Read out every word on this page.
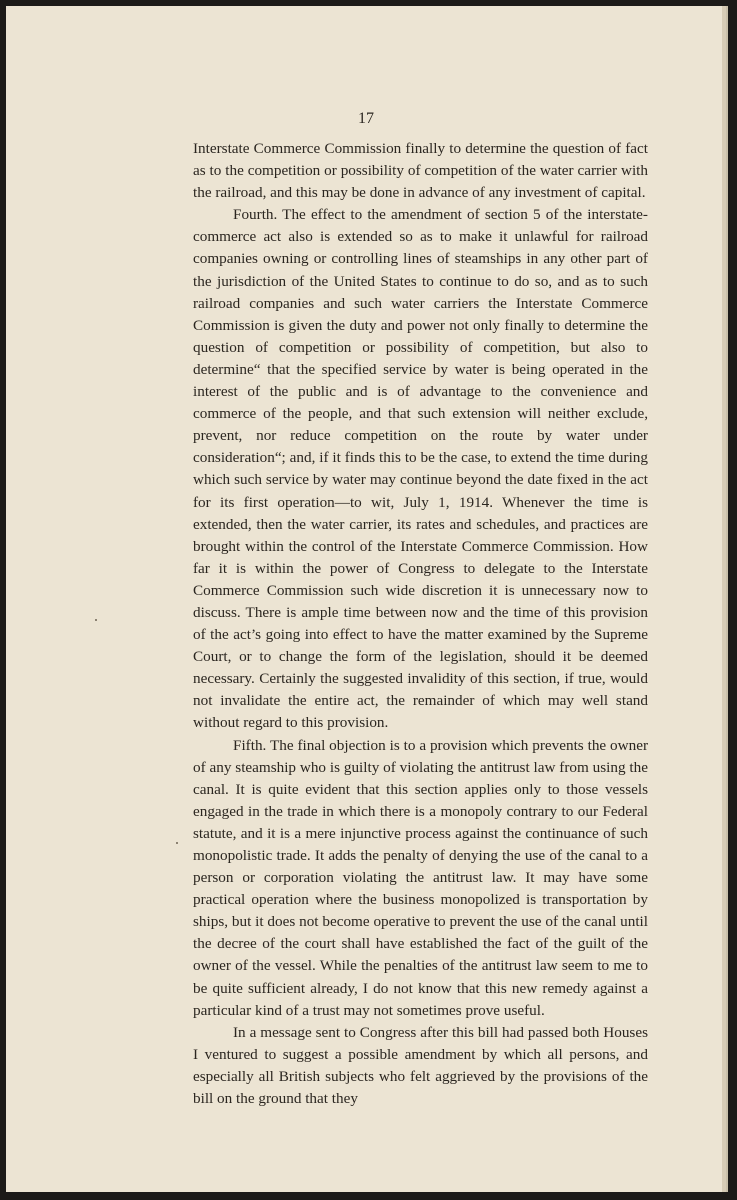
17

Interstate Commerce Commission finally to determine the question of fact as to the competition or possibility of competition of the water carrier with the railroad, and this may be done in advance of any investment of capital.

Fourth. The effect to the amendment of section 5 of the interstate-commerce act also is extended so as to make it unlawful for railroad companies owning or controlling lines of steamships in any other part of the jurisdiction of the United States to continue to do so, and as to such railroad companies and such water carriers the Interstate Commerce Commission is given the duty and power not only finally to determine the question of competition or possibility of competition, but also to determine“ that the specified service by water is being operated in the interest of the public and is of advantage to the convenience and commerce of the people, and that such extension will neither exclude, prevent, nor reduce competition on the route by water under consideration“; and, if it finds this to be the case, to extend the time during which such service by water may continue beyond the date fixed in the act for its first operation—to wit, July 1, 1914. Whenever the time is extended, then the water carrier, its rates and schedules, and practices are brought within the control of the Interstate Commerce Commission. How far it is within the power of Congress to delegate to the Interstate Commerce Commission such wide discretion it is unnecessary now to discuss. There is ample time between now and the time of this provision of the act’s going into effect to have the matter examined by the Supreme Court, or to change the form of the legislation, should it be deemed necessary. Certainly the suggested invalidity of this section, if true, would not invalidate the entire act, the remainder of which may well stand without regard to this provision.

Fifth. The final objection is to a provision which prevents the owner of any steamship who is guilty of violating the antitrust law from using the canal. It is quite evident that this section applies only to those vessels engaged in the trade in which there is a monopoly contrary to our Federal statute, and it is a mere injunctive process against the continuance of such monopolistic trade. It adds the penalty of denying the use of the canal to a person or corporation violating the antitrust law. It may have some practical operation where the business monopolized is transportation by ships, but it does not become operative to prevent the use of the canal until the decree of the court shall have established the fact of the guilt of the owner of the vessel. While the penalties of the antitrust law seem to me to be quite sufficient already, I do not know that this new remedy against a particular kind of a trust may not sometimes prove useful.

In a message sent to Congress after this bill had passed both Houses I ventured to suggest a possible amendment by which all persons, and especially all British subjects who felt aggrieved by the provisions of the bill on the ground that they
